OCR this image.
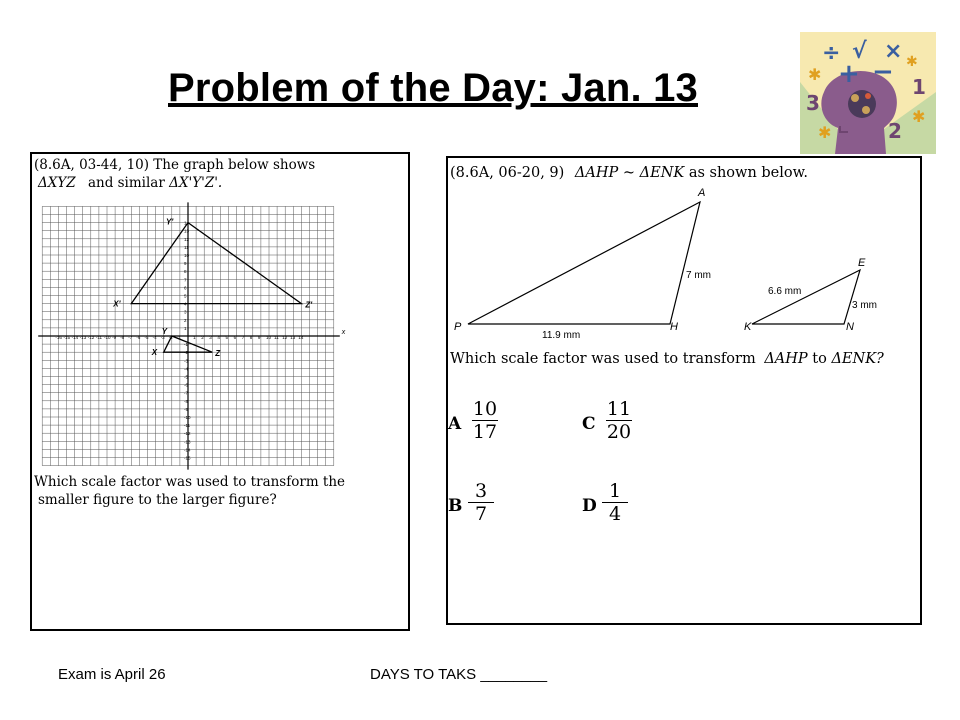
Problem of the Day: Jan. 13
÷ √ ×
+ − 1
2
3
✱
✱
✱
✱
(8.6A, 03-44, 10) The graph below shows
ΔXYZ and similar ΔX'Y'Z'.
-16 -15 -14 -13 -12 -11 -10 -9 -8 -7 -6 -5 -4 -3 -2 -1	1 2 3 4 5 6 7 8 9 10 11 12 13 14
-15
-14
-13
-12
-11
-10
-9
-8
-7
-6
-5
-4
-3
-2
-1
1
2
3
4
5
6
7
8
9
10
11
12
13
14
x
X'
Y'
Z'
X
Y
Z
Which scale factor was used to transform the
smaller figure to the larger figure?
(8.6A, 06-20, 9) ΔAHP ~ ΔENK as shown below.
A
P	H
7 mm
11.9 mm
E
K	N
6.6 mm
3 mm
Which scale factor was used to transform ΔAHP to ΔENK?
A $\frac{10}{17}$	C $\frac{11}{20}$
B $\frac{3}{7}$	D $\frac{1}{4}$
Exam is April 26	DAYS TO TAKS ________
